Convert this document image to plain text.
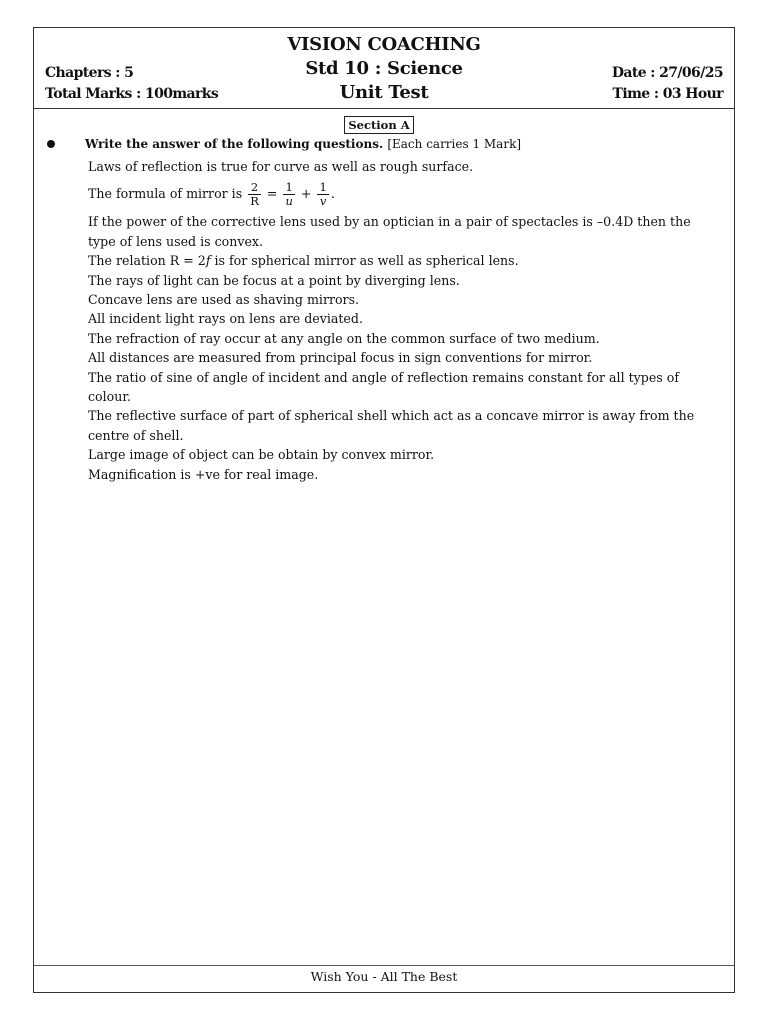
VISION COACHING
Std 10 : Science
Unit Test
Chapters : 5
Total Marks : 100marks
Date : 27/06/25
Time : 03 Hour
Section A
Write the answer of the following questions. [Each carries 1 Mark]
Laws of reflection is true for curve as well as rough surface.
The formula of mirror is $\frac{2}{R} = \frac{1}{u} + \frac{1}{v}$ .
If the power of the corrective lens used by an optician in a pair of spectacles is –0.4D then the type of lens used is convex.
The relation R = 2f is for spherical mirror as well as spherical lens.
The rays of light can be focus at a point by diverging lens.
Concave lens are used as shaving mirrors.
All incident light rays on lens are deviated.
The refraction of ray occur at any angle on the common surface of two medium.
All distances are measured from principal focus in sign conventions for mirror.
The ratio of sine of angle of incident and angle of reflection remains constant for all types of colour.
The reflective surface of part of spherical shell which act as a concave mirror is away from the centre of shell.
Large image of object can be obtain by convex mirror.
Magnification is +ve for real image.
Wish You - All The Best
